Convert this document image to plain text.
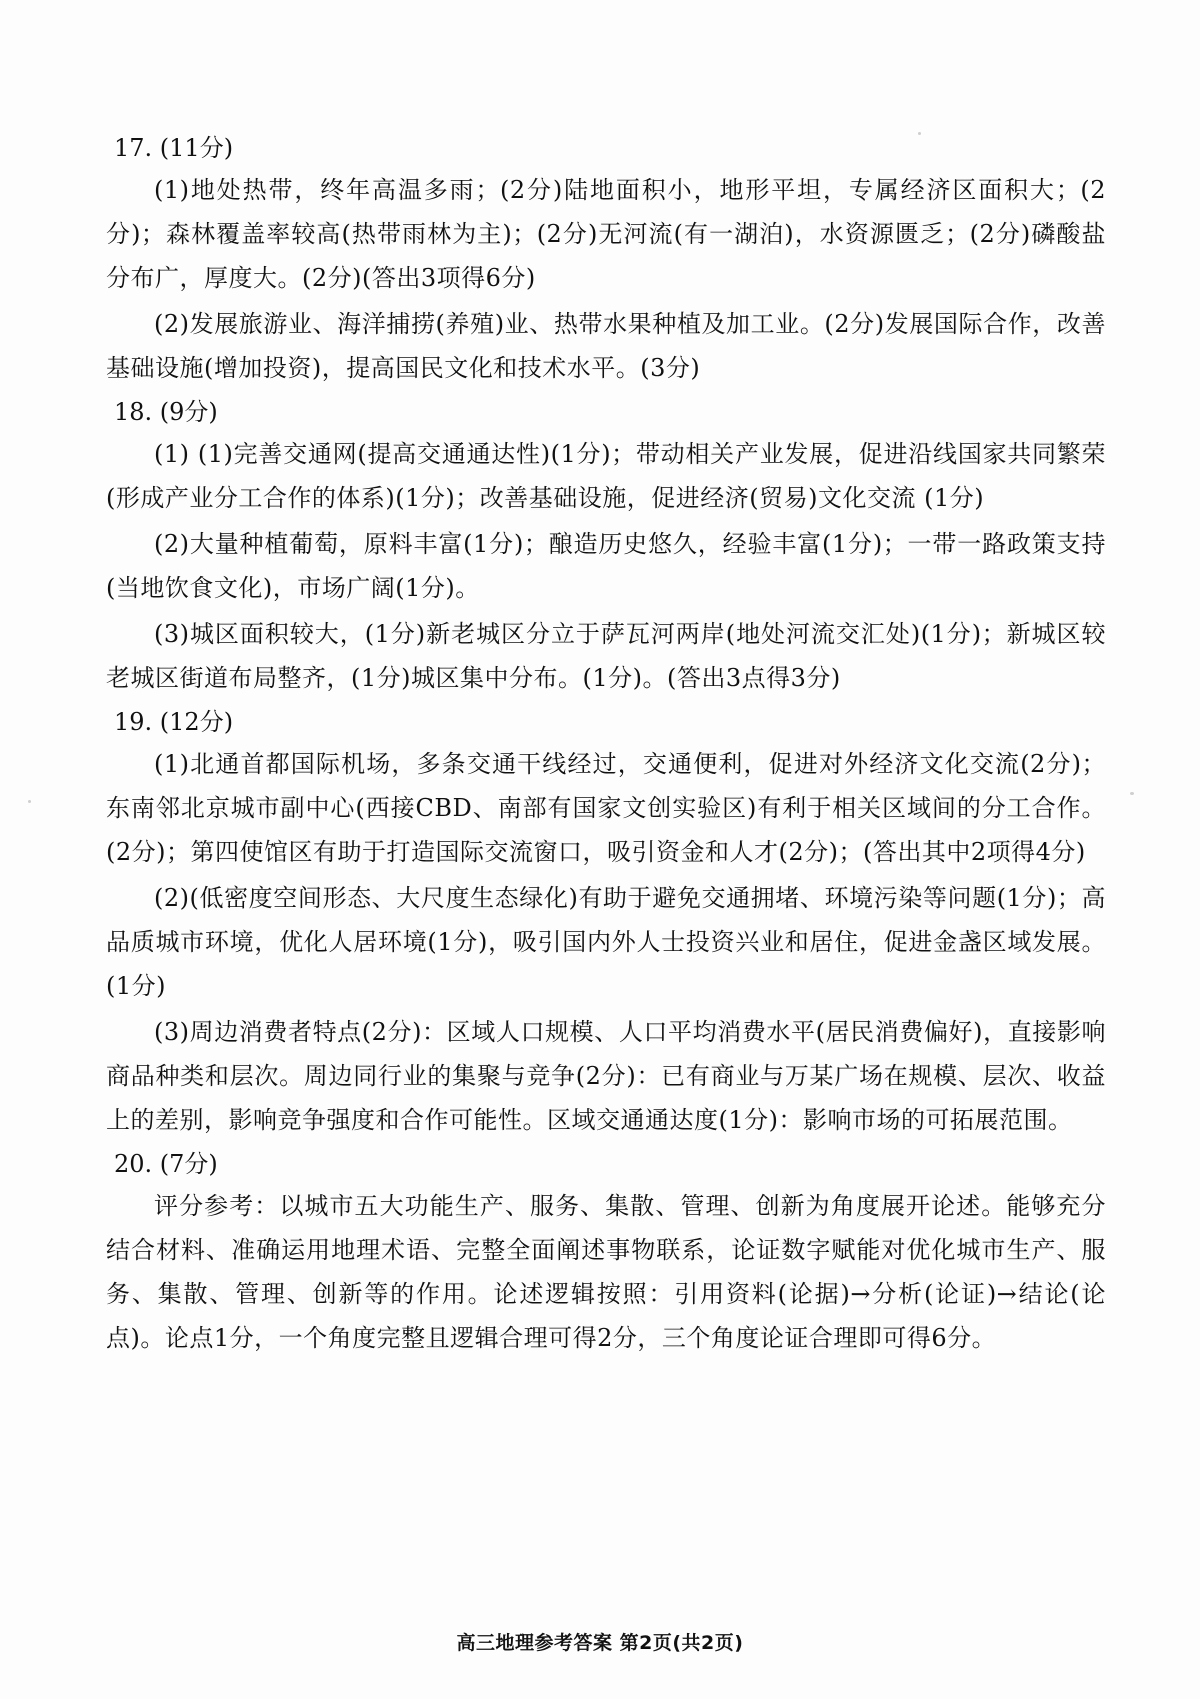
17. (11分)

(1)地处热带，终年高温多雨；(2分)陆地面积小，地形平坦，专属经济区面积大；(2分)；森林覆盖率较高(热带雨林为主)；(2分)无河流(有一湖泊)，水资源匮乏；(2分)磷酸盐分布广，厚度大。(2分)(答出3项得6分)

(2)发展旅游业、海洋捕捞(养殖)业、热带水果种植及加工业。(2分)发展国际合作，改善基础设施(增加投资)，提高国民文化和技术水平。(3分)

18. (9分)

(1) (1)完善交通网(提高交通通达性)(1分)；带动相关产业发展，促进沿线国家共同繁荣(形成产业分工合作的体系)(1分)；改善基础设施，促进经济(贸易)文化交流 (1分)

(2)大量种植葡萄，原料丰富(1分)；酿造历史悠久，经验丰富(1分)；一带一路政策支持(当地饮食文化)，市场广阔(1分)。

(3)城区面积较大，(1分)新老城区分立于萨瓦河两岸(地处河流交汇处)(1分)；新城区较老城区街道布局整齐，(1分)城区集中分布。(1分)。(答出3点得3分)

19. (12分)

(1)北通首都国际机场，多条交通干线经过，交通便利，促进对外经济文化交流(2分)；东南邻北京城市副中心(西接CBD、南部有国家文创实验区)有利于相关区域间的分工合作。(2分)；第四使馆区有助于打造国际交流窗口，吸引资金和人才(2分)；(答出其中2项得4分)

(2)(低密度空间形态、大尺度生态绿化)有助于避免交通拥堵、环境污染等问题(1分)；高品质城市环境，优化人居环境(1分)，吸引国内外人士投资兴业和居住，促进金盏区域发展。(1分)

(3)周边消费者特点(2分)：区域人口规模、人口平均消费水平(居民消费偏好)，直接影响商品种类和层次。周边同行业的集聚与竞争(2分)：已有商业与万某广场在规模、层次、收益上的差别，影响竞争强度和合作可能性。区域交通通达度(1分)：影响市场的可拓展范围。

20. (7分)

评分参考：以城市五大功能生产、服务、集散、管理、创新为角度展开论述。能够充分结合材料、准确运用地理术语、完整全面阐述事物联系，论证数字赋能对优化城市生产、服务、集散、管理、创新等的作用。论述逻辑按照：引用资料(论据)→分析(论证)→结论(论点)。论点1分，一个角度完整且逻辑合理可得2分，三个角度论证合理即可得6分。

高三地理参考答案 第2页(共2页)
